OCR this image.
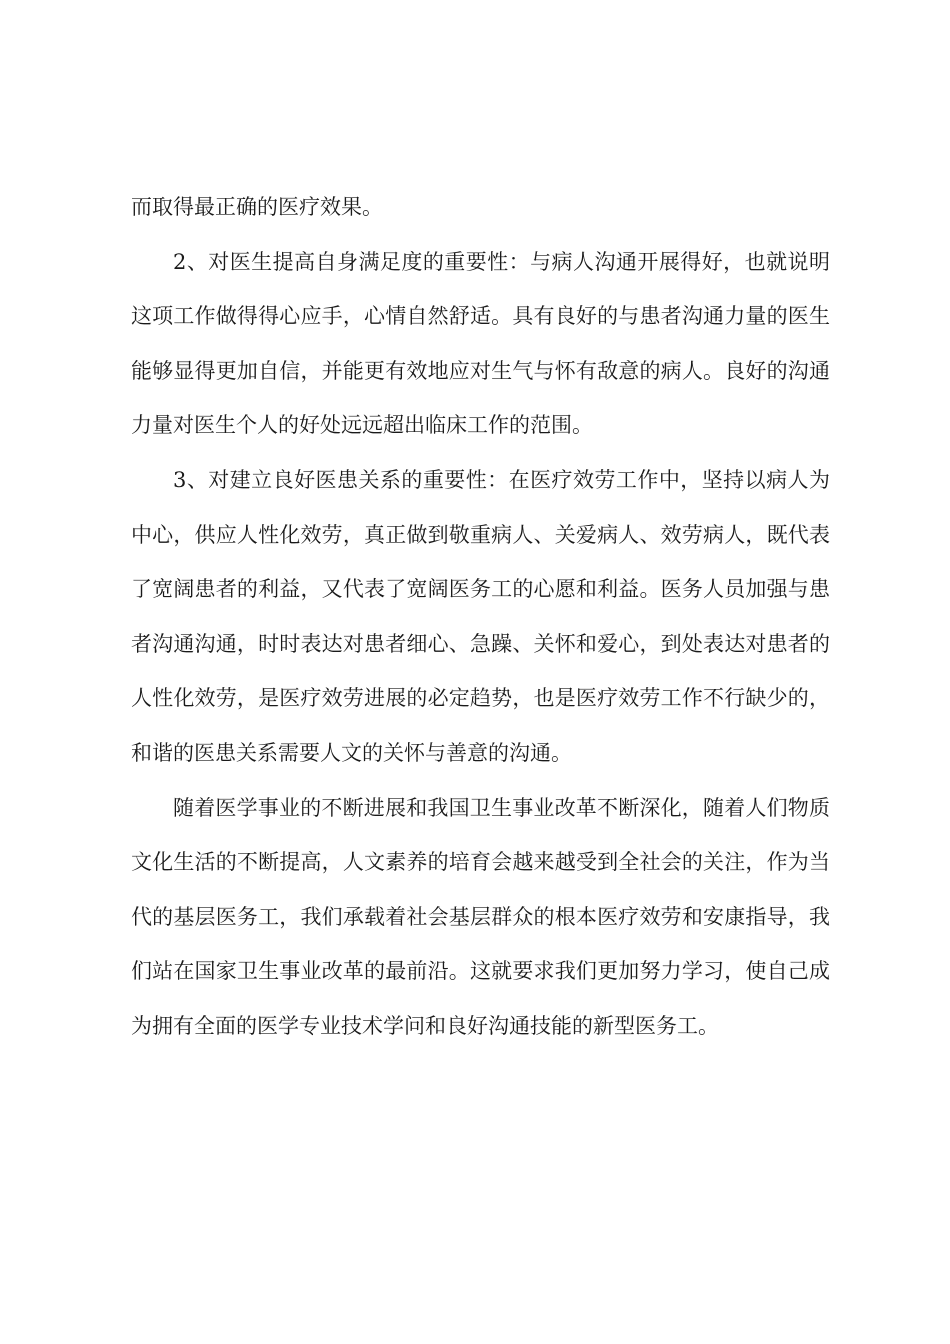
而取得最正确的医疗效果。

2、对医生提高自身满足度的重要性：与病人沟通开展得好，也就说明这项工作做得得心应手，心情自然舒适。具有良好的与患者沟通力量的医生能够显得更加自信，并能更有效地应对生气与怀有敌意的病人。良好的沟通力量对医生个人的好处远远超出临床工作的范围。

3、对建立良好医患关系的重要性：在医疗效劳工作中，坚持以病人为中心，供应人性化效劳，真正做到敬重病人、关爱病人、效劳病人，既代表了宽阔患者的利益，又代表了宽阔医务工的心愿和利益。医务人员加强与患者沟通沟通，时时表达对患者细心、急躁、关怀和爱心，到处表达对患者的人性化效劳，是医疗效劳进展的必定趋势，也是医疗效劳工作不行缺少的，和谐的医患关系需要人文的关怀与善意的沟通。

随着医学事业的不断进展和我国卫生事业改革不断深化，随着人们物质文化生活的不断提高，人文素养的培育会越来越受到全社会的关注，作为当代的基层医务工，我们承载着社会基层群众的根本医疗效劳和安康指导，我们站在国家卫生事业改革的最前沿。这就要求我们更加努力学习，使自己成为拥有全面的医学专业技术学问和良好沟通技能的新型医务工。
